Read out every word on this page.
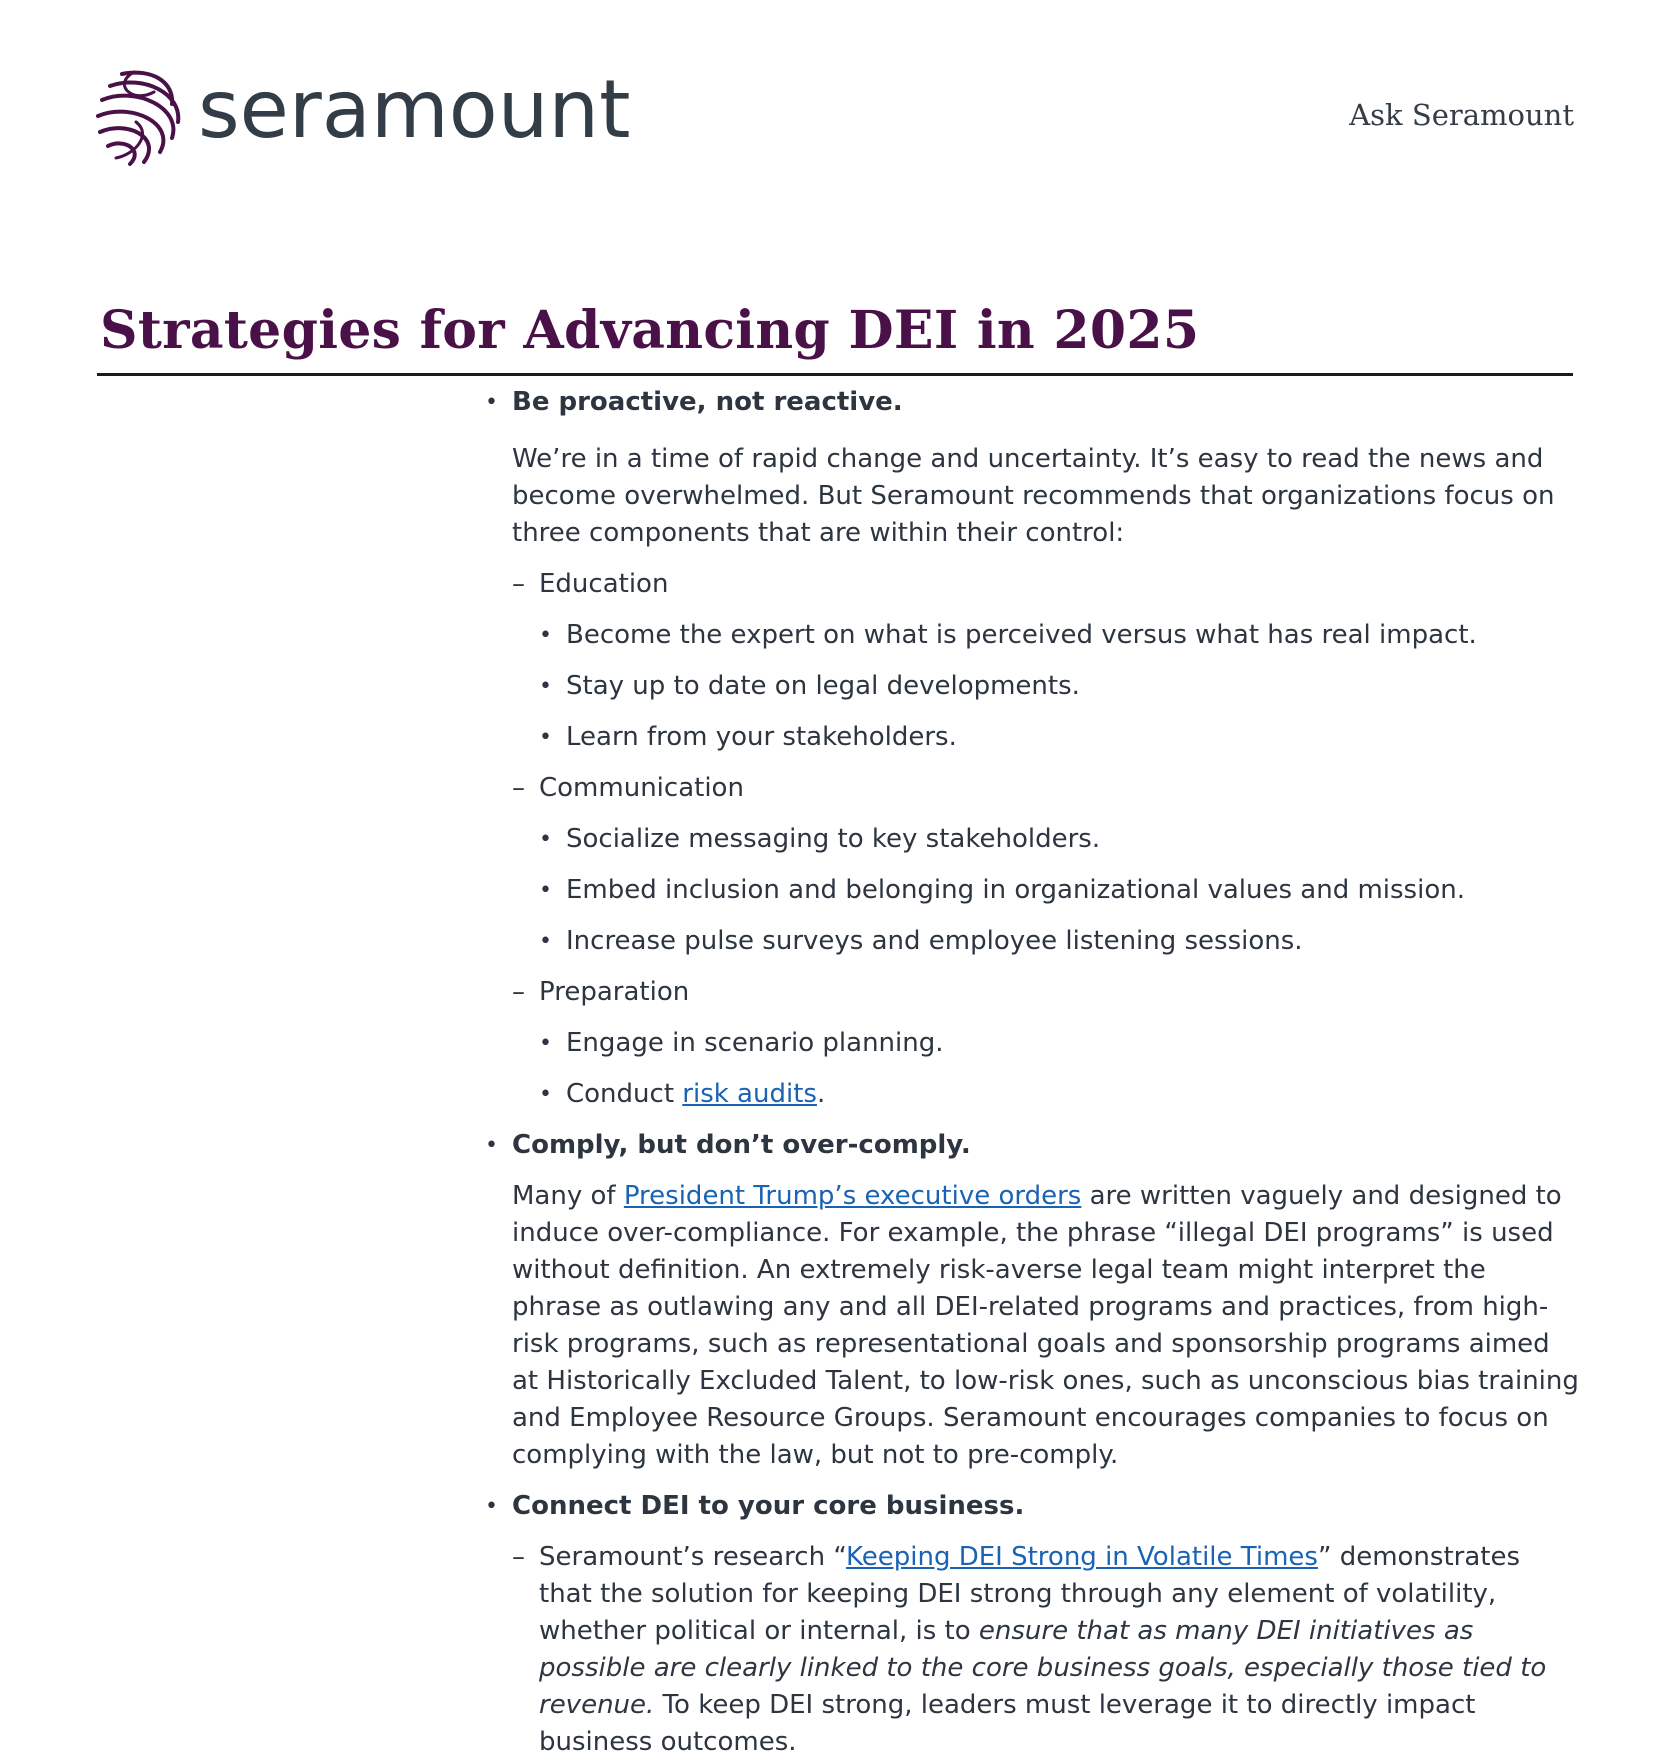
seramount	Ask Seramount
Strategies for Advancing DEI in 2025
• Be proactive, not reactive.
We’re in a time of rapid change and uncertainty. It’s easy to read the news and become overwhelmed. But Seramount recommends that organizations focus on three components that are within their control:
– Education
• Become the expert on what is perceived versus what has real impact.
• Stay up to date on legal developments.
• Learn from your stakeholders.
– Communication
• Socialize messaging to key stakeholders.
• Embed inclusion and belonging in organizational values and mission.
• Increase pulse surveys and employee listening sessions.
– Preparation
• Engage in scenario planning.
• Conduct risk audits.
• Comply, but don’t over-comply.
Many of President Trump’s executive orders are written vaguely and designed to induce over-compliance. For example, the phrase “illegal DEI programs” is used without definition. An extremely risk-averse legal team might interpret the phrase as outlawing any and all DEI-related programs and practices, from high-risk programs, such as representational goals and sponsorship programs aimed at Historically Excluded Talent, to low-risk ones, such as unconscious bias training and Employee Resource Groups. Seramount encourages companies to focus on complying with the law, but not to pre-comply.
• Connect DEI to your core business.
– Seramount’s research “Keeping DEI Strong in Volatile Times” demonstrates that the solution for keeping DEI strong through any element of volatility, whether political or internal, is to ensure that as many DEI initiatives as possible are clearly linked to the core business goals, especially those tied to revenue. To keep DEI strong, leaders must leverage it to directly impact business outcomes.
